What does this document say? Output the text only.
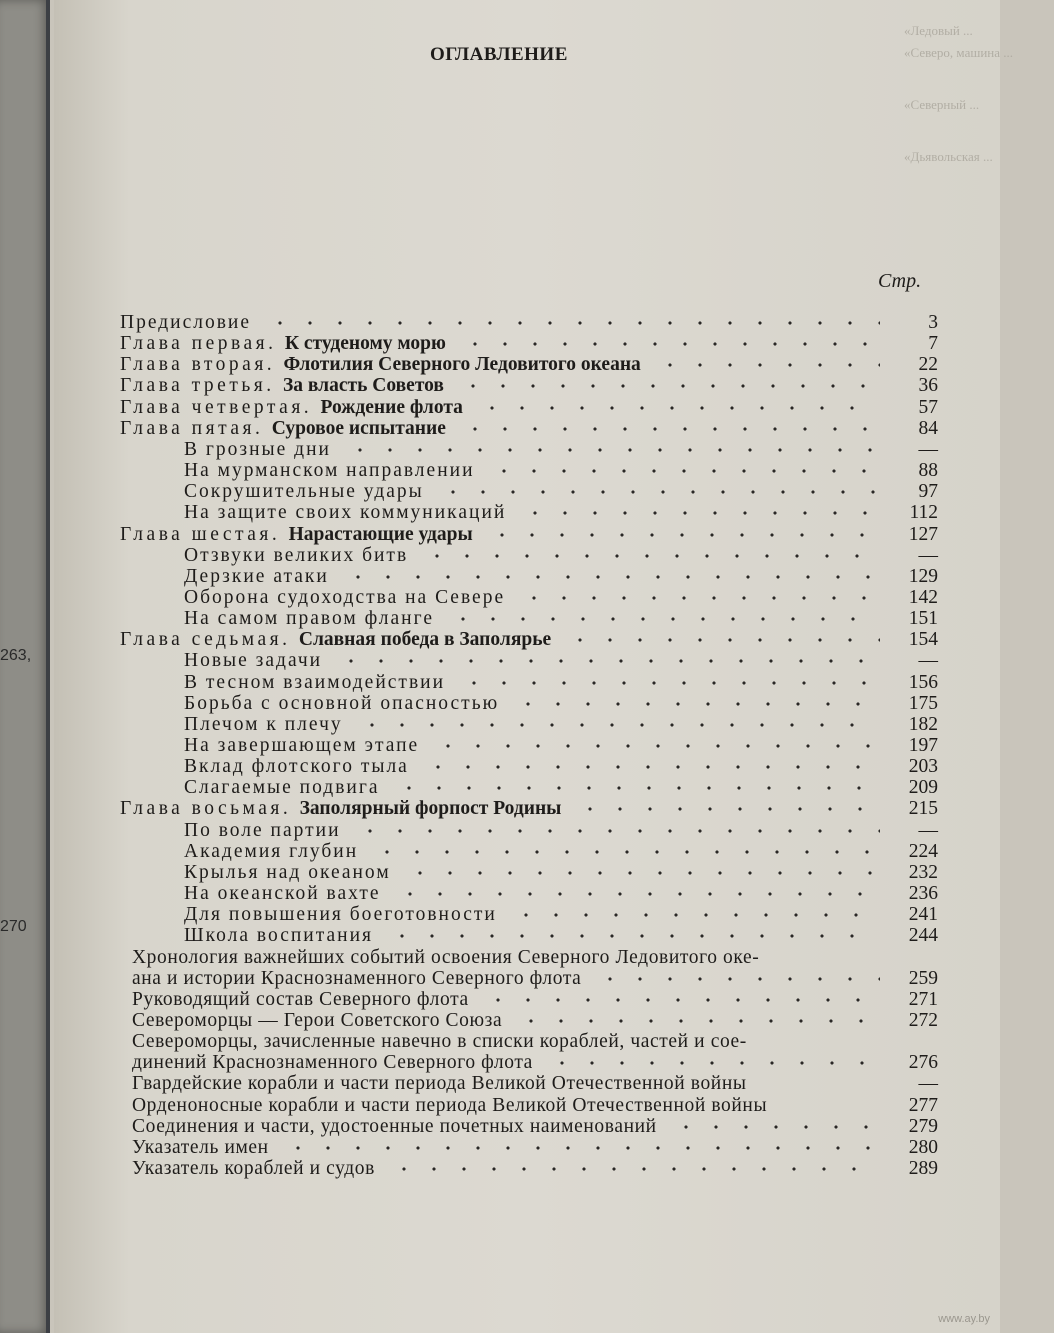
263,
270
«Ледовый ...
«Северо, машина ...
«Северный ...
«Дьявольская ...
www.ay.by
ОГЛАВЛЕНИЕ
Стр.
Предисловие	3
Глава первая. К студеному морю	7
Глава вторая. Флотилия Северного Ледовитого океана	22
Глава третья. За власть Советов	36
Глава четвертая. Рождение флота	57
Глава пятая. Суровое испытание	84
В грозные дни	—
На мурманском направлении	88
Сокрушительные удары	97
На защите своих коммуникаций	112
Глава шестая. Нарастающие удары	127
Отзвуки великих битв	—
Дерзкие атаки	129
Оборона судоходства на Севере	142
На самом правом фланге	151
Глава седьмая. Славная победа в Заполярье	154
Новые задачи	—
В тесном взаимодействии	156
Борьба с основной опасностью	175
Плечом к плечу	182
На завершающем этапе	197
Вклад флотского тыла	203
Слагаемые подвига	209
Глава восьмая. Заполярный форпост Родины	215
По воле партии	—
Академия глубин	224
Крылья над океаном	232
На океанской вахте	236
Для повышения боеготовности	241
Школа воспитания	244
Хронология важнейших событий освоения Северного Ледовитого оке-
ана и истории Краснознаменного Северного флота	259
Руководящий состав Северного флота	271
Североморцы — Герои Советского Союза	272
Североморцы, зачисленные навечно в списки кораблей, частей и сое-
динений Краснознаменного Северного флота	276
Гвардейские корабли и части периода Великой Отечественной войны	—
Орденоносные корабли и части периода Великой Отечественной войны	277
Соединения и части, удостоенные почетных наименований	279
Указатель имен	280
Указатель кораблей и судов	289
